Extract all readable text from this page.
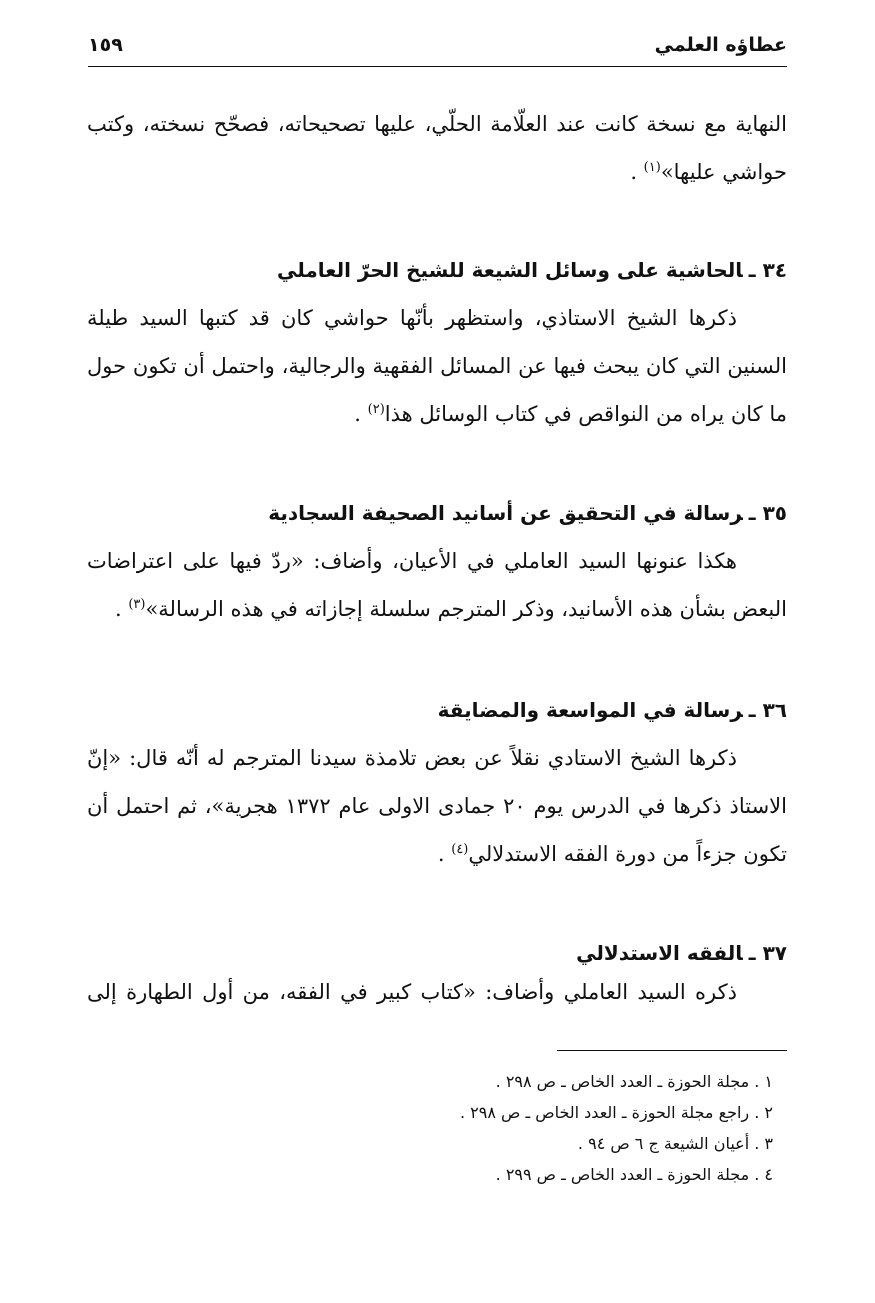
عطاؤه العلمي
١٥٩

النهاية مع نسخة كانت عند العلّامة الحلّي، عليها تصحيحاته، فصحّح نسخته، وكتب حواشي عليها»$^{(١)}$ .

٣٤ ـالحاشية على وسائل الشيعة للشيخ الحرّ العاملي

ذكرها الشيخ الاستاذي، واستظهر بأنّها حواشي كان قد كتبها السيد طيلة السنين التي كان يبحث فيها عن المسائل الفقهية والرجالية، واحتمل أن تكون حول ما كان يراه من النواقص في كتاب الوسائل هذا$^{(٢)}$ .

٣٥ ـرسالة في التحقيق عن أسانيد الصحيفة السجادية

هكذا عنونها السيد العاملي في الأعيان، وأضاف: «ردّ فيها على اعتراضات البعض بشأن هذه الأسانيد، وذكر المترجم سلسلة إجازاته في هذه الرسالة»$^{(٣)}$ .

٣٦ ـرسالة في المواسعة والمضايقة

ذكرها الشيخ الاستادي نقلاً عن بعض تلامذة سيدنا المترجم له أنّه قال: «إنّ الاستاذ ذكرها في الدرس يوم ٢٠ جمادى الاولى عام ١٣٧٢ هجرية»، ثم احتمل أن تكون جزءاً من دورة الفقه الاستدلالي$^{(٤)}$ .

٣٧ ـالفقه الاستدلالي

ذكره السيد العاملي وأضاف: «كتاب كبير في الفقه، من أول الطهارة إلى

١ . مجلة الحوزة ـ العدد الخاص ـ ص ٢٩٨ .
٢ . راجع مجلة الحوزة ـ العدد الخاص ـ ص ٢٩٨ .
٣ . أعيان الشيعة ج ٦ ص ٩٤ .
٤ . مجلة الحوزة ـ العدد الخاص ـ ص ٢٩٩ .
